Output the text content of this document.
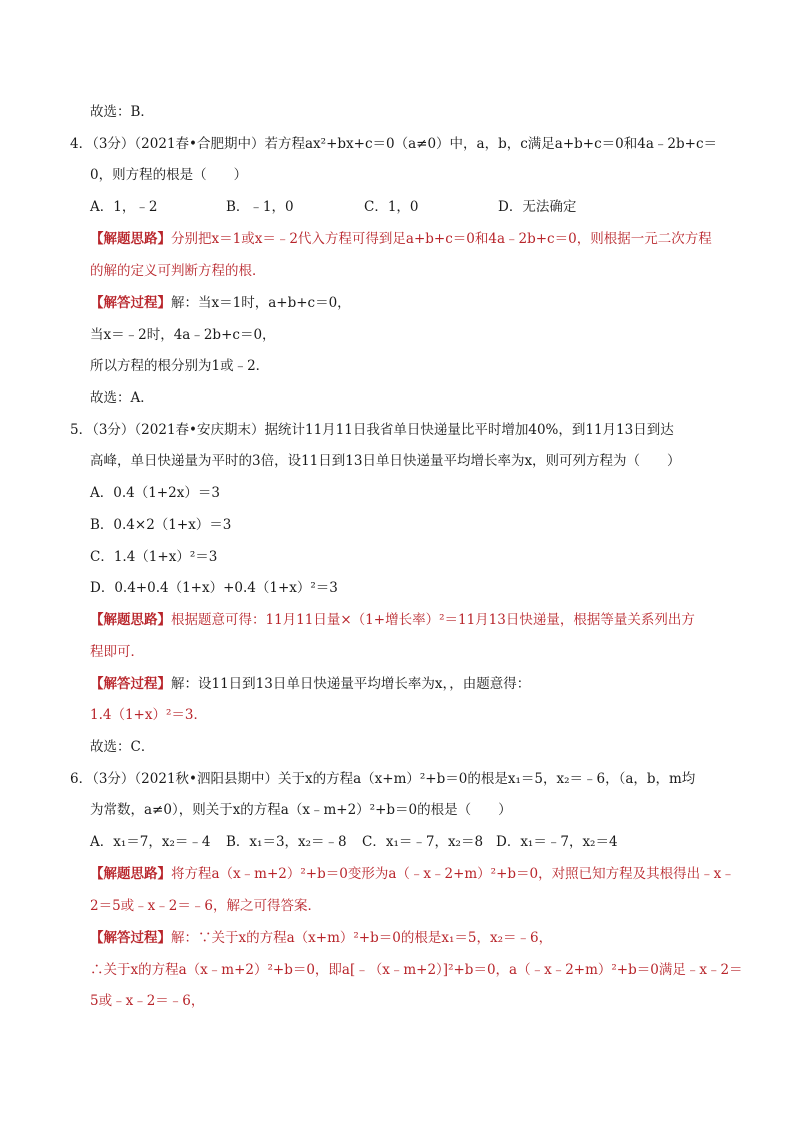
故选：B．
4．（3分）（2021春•合肥期中）若方程ax²+bx+c＝0（a≠0）中，a，b，c满足a+b+c＝0和4a﹣2b+c＝
0，则方程的根是（　　）
A．1，﹣2	B．﹣1，0	C．1，0	D．无法确定
【解题思路】分别把x＝1或x＝﹣2代入方程可得到足a+b+c＝0和4a﹣2b+c＝0，则根据一元二次方程
的解的定义可判断方程的根．
【解答过程】解：当x＝1时，a+b+c＝0，
当x＝﹣2时，4a﹣2b+c＝0，
所以方程的根分别为1或﹣2．
故选：A．
5．（3分）（2021春•安庆期末）据统计11月11日我省单日快递量比平时增加40%，到11月13日到达
高峰，单日快递量为平时的3倍，设11日到13日单日快递量平均增长率为x，则可列方程为（　　）
A．0.4（1+2x）＝3
B．0.4×2（1+x）＝3
C．1.4（1+x）²＝3
D．0.4+0.4（1+x）+0.4（1+x）²＝3
【解题思路】根据题意可得：11月11日量×（1+增长率）²＝11月13日快递量，根据等量关系列出方
程即可．
【解答过程】解：设11日到13日单日快递量平均增长率为x，，由题意得：
1.4（1+x）²＝3．
故选：C．
6．（3分）（2021秋•泗阳县期中）关于x的方程a（x+m）²+b＝0的根是x₁＝5，x₂＝﹣6，（a，b，m均
为常数，a≠0），则关于x的方程a（x﹣m+2）²+b＝0的根是（　　）
A．x₁＝7，x₂＝﹣4 B．x₁＝3，x₂＝﹣8 C．x₁＝﹣7，x₂＝8 D．x₁＝﹣7，x₂＝4
【解题思路】将方程a（x﹣m+2）²+b＝0变形为a（﹣x﹣2+m）²+b＝0，对照已知方程及其根得出﹣x﹣
2＝5或﹣x﹣2＝﹣6，解之可得答案．
【解答过程】解：∵关于x的方程a（x+m）²+b＝0的根是x₁＝5，x₂＝﹣6，
∴关于x的方程a（x﹣m+2）²+b＝0，即a[﹣（x﹣m+2）]²+b＝0，a（﹣x﹣2+m）²+b＝0满足﹣x﹣2＝
5或﹣x﹣2＝﹣6，
